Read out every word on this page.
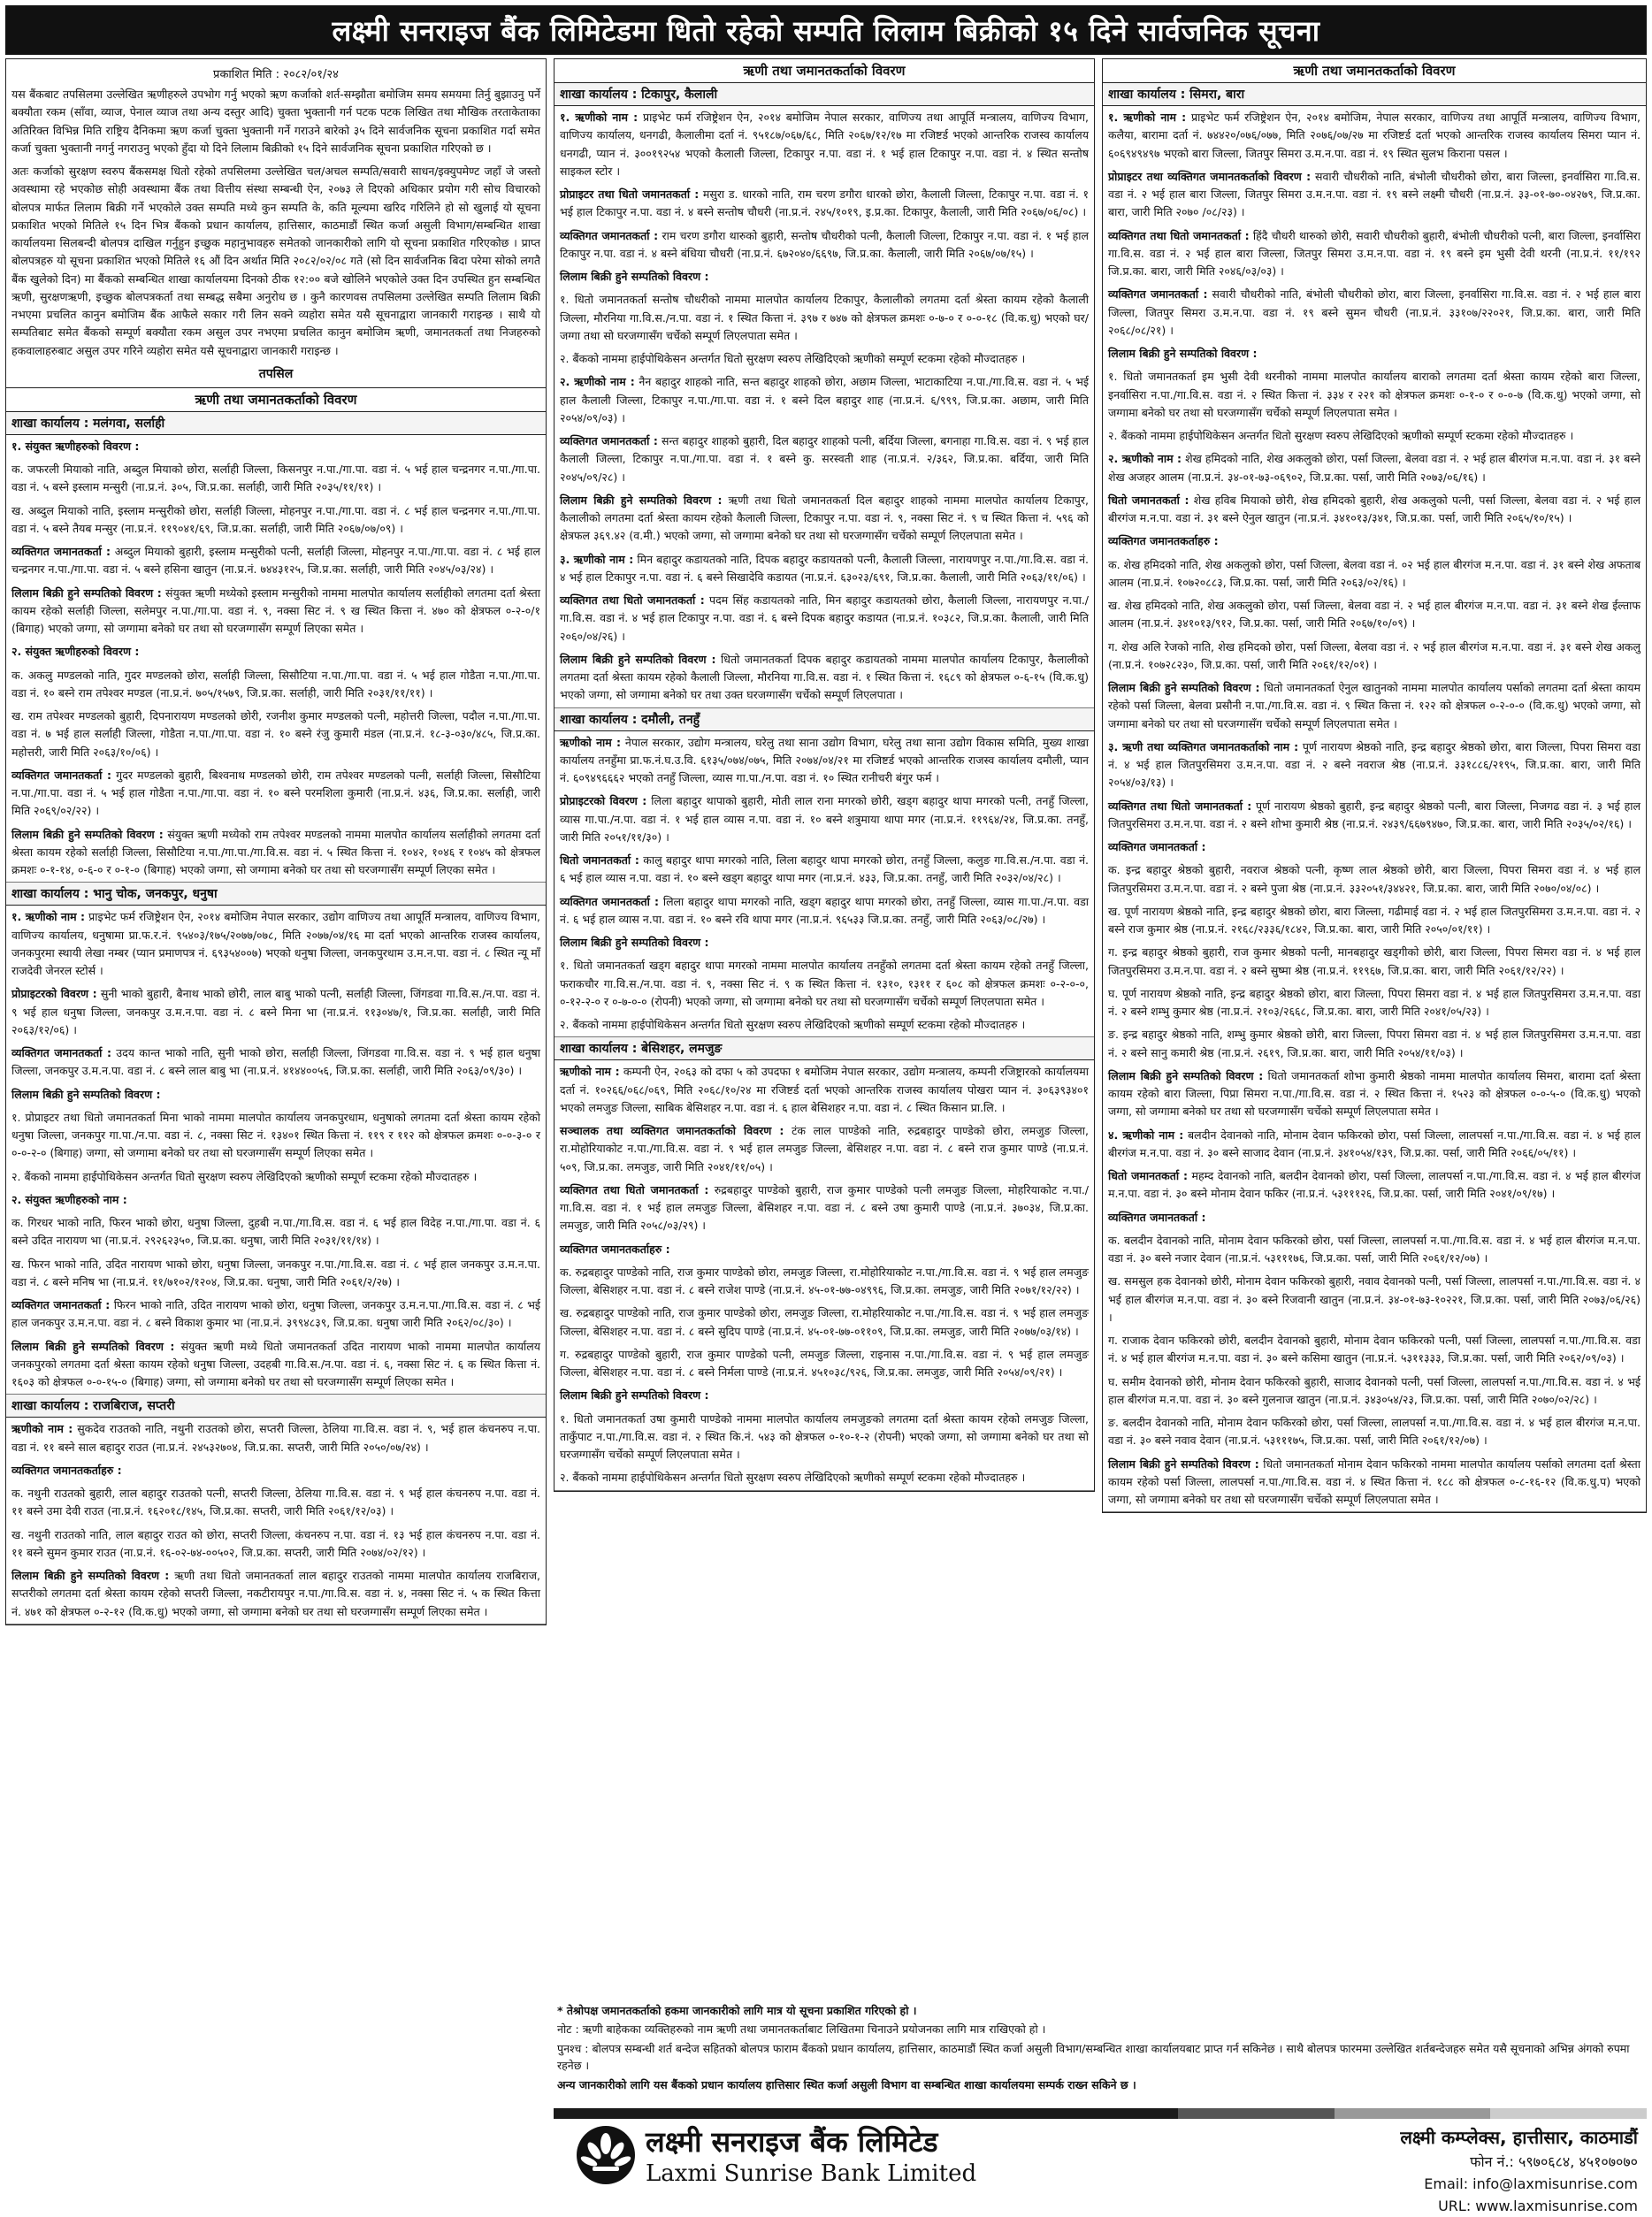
लक्ष्मी सनराइज बैंक लिमिटेडमा धितो रहेको सम्पति लिलाम बिक्रीको १५ दिने सार्वजनिक सूचना
प्रकाशित मिति : २०८२/०१/२४
यस बैंकबाट तपसिलमा उल्लेखित ऋणीहरुले उपभोग गर्नु भएको ऋण कर्जाको शर्त-सम्झौता बमोजिम समय समयमा तिर्नु बुझाउनु पर्ने बक्यौता रकम (साँवा, व्याज, पेनाल व्याज तथा अन्य दस्तुर आदि) चुक्ता भुक्तानी गर्न पटक पटक लिखित तथा मौखिक तरताकेताका अतिरिक्त विभिन्न मिति राष्ट्रिय दैनिकमा ऋण कर्जा चुक्ता भुक्तानी गर्ने गराउने बारेको ३५ दिने सार्वजनिक सूचना प्रकाशित गर्दा समेत कर्जा चुक्ता भुक्तानी नगर्नु नगराउनु भएको हुँदा यो दिने लिलाम बिक्रीको १५ दिने सार्वजनिक सूचना प्रकाशित गरिएको छ ।
अतः कर्जाको सुरक्षण स्वरुप बैंकसमक्ष धितो रहेको तपसिलमा उल्लेखित चल/अचल सम्पति/सवारी साधन/इक्युपमेण्ट जहाँ जे जस्तो अवस्थामा रहे भएकोछ सोही अवस्थामा बैंक तथा वित्तीय संस्था सम्बन्धी ऐन, २०७३ ले दिएको अधिकार प्रयोग गरी सोच विचारको बोलपत्र मार्फत लिलाम बिक्री गर्ने भएकोले उक्त सम्पति मध्ये कुन सम्पति के, कति मूल्यमा खरिद गरिलिने हो सो खुलाई यो सूचना प्रकाशित भएको मितिले १५ दिन भित्र बैंकको प्रधान कार्यालय, हात्तिसार, काठमाडौं स्थित कर्जा असुली विभाग/सम्बन्धित शाखा कार्यालयमा सिलबन्दी बोलपत्र दाखिल गर्नुहुन इच्छुक महानुभावहरु समेतको जानकारीको लागि यो सूचना प्रकाशित गरिएकोछ । प्राप्त बोलपत्रहरु यो सूचना प्रकाशित भएको मितिले १६ औं दिन अर्थात मिति २०८२/०२/०८ गते (सो दिन सार्वजनिक बिदा परेमा सोको लगतै बैंक खुलेको दिन) मा बैंकको सम्बन्धित शाखा कार्यालयमा दिनको ठीक १२:०० बजे खोलिने भएकोले उक्त दिन उपस्थित हुन सम्बन्धित ऋणी, सुरक्षणऋणी, इच्छुक बोलपत्रकर्ता तथा सम्बद्ध सबैमा अनुरोध छ । कुनै कारणवस तपसिलमा उल्लेखित सम्पति लिलाम बिक्री नभएमा प्रचलित कानुन बमोजिम बैंक आफैले सकार गरी लिन सक्ने व्यहोरा समेत यसै सूचनाद्वारा जानकारी गराइन्छ । साथै यो सम्पतिबाट समेत बैंकको सम्पूर्ण बक्यौता रकम असुल उपर नभएमा प्रचलित कानुन बमोजिम ऋणी, जमानतकर्ता तथा निजहरुको हकवालाहरुबाट असुल उपर गरिने व्यहोरा समेत यसै सूचनाद्वारा जानकारी गराइन्छ ।
तपसिल
ऋणी तथा जमानतकर्ताको विवरण
शाखा कार्यालय : मलंगवा, सर्लाही
१. संयुक्त ऋणीहरुको विवरण :
क. जफरली मियाको नाति, अब्दुल मियाको छोरा, सर्लाही जिल्ला, किसनपुर न.पा./गा.पा. वडा नं. ५ भई हाल चन्द्रनगर न.पा./गा.पा. वडा नं. ५ बस्ने इस्लाम मन्सुरी (ना.प्र.नं. ३०५, जि.प्र.का. सर्लाही, जारी मिति २०३५/११/११) ।
ख. अब्दुल मियाको नाति, इस्लाम मन्सुरीको छोरा, सर्लाही जिल्ला, मोहनपुर न.पा./गा.पा. वडा नं. ८ भई हाल चन्द्रनगर न.पा./गा.पा. वडा नं. ५ बस्ने तैयब मन्सुर (ना.प्र.नं. ११९०४१/६९, जि.प्र.का. सर्लाही, जारी मिति २०६७/०७/०९) ।
व्यक्तिगत जमानतकर्ता : अब्दुल मियाको बुहारी, इस्लाम मन्सुरीको पत्नी, सर्लाही जिल्ला, मोहनपुर न.पा./गा.पा. वडा नं. ८ भई हाल चन्द्रनगर न.पा./गा.पा. वडा नं. ५ बस्ने हसिना खातुन (ना.प्र.नं. ७४४३१२५, जि.प्र.का. सर्लाही, जारी मिति २०४५/०३/२४) ।
लिलाम बिक्री हुने सम्पतिको विवरण : संयुक्त ऋणी मध्येको इस्लाम मन्सुरीको नाममा मालपोत कार्यालय सर्लाहीको लगतमा दर्ता श्रेस्ता कायम रहेको सर्लाही जिल्ला, सलेमपुर न.पा./गा.पा. वडा नं. ९, नक्सा सिट नं. ९ ख स्थित कित्ता नं. ४७० को क्षेत्रफल ०-२-०/१ (बिगाह) भएको जग्गा, सो जग्गामा बनेको घर तथा सो घरजग्गासँग सम्पूर्ण लिएका समेत ।
२. संयुक्त ऋणीहरुको विवरण :
क. अकलु मण्डलको नाति, गुदर मण्डलको छोरा, सर्लाही जिल्ला, सिसौटिया न.पा./गा.पा. वडा नं. ५ भई हाल गोडैता न.पा./गा.पा. वडा नं. १० बस्ने राम तपेश्वर मण्डल (ना.प्र.नं. ७०५/१५७९, जि.प्र.का. सर्लाही, जारी मिति २०३१/११/११) ।
ख. राम तपेश्वर मण्डलको बुहारी, दिपनारायण मण्डलको छोरी, रजनीश कुमार मण्डलको पत्नी, महोत्तरी जिल्ला, पदौल न.पा./गा.पा. वडा नं. ७ भई हाल सर्लाही जिल्ला, गोडैता न.पा./गा.पा. वडा नं. १० बस्ने रंजु कुमारी मंडल (ना.प्र.नं. १८-३-०३०/४८५, जि.प्र.का. महोत्तरी, जारी मिति २०६३/१०/०६) ।
व्यक्तिगत जमानतकर्ता : गुदर मण्डलको बुहारी, बिश्वनाथ मण्डलको छोरी, राम तपेश्वर मण्डलको पत्नी, सर्लाही जिल्ला, सिसौटिया न.पा./गा.पा. वडा नं. ५ भई हाल गोडैता न.पा./गा.पा. वडा नं. १० बस्ने परमशिला कुमारी (ना.प्र.नं. ४३६, जि.प्र.का. सर्लाही, जारी मिति २०६९/०२/२२) ।
लिलाम बिक्री हुने सम्पतिको विवरण : संयुक्त ऋणी मध्येको राम तपेश्वर मण्डलको नाममा मालपोत कार्यालय सर्लाहीको लगतमा दर्ता श्रेस्ता कायम रहेको सर्लाही जिल्ला, सिसौटिया न.पा./गा.पा./गा.वि.स. वडा नं. ५ स्थित कित्ता नं. १०४२, १०४६ र १०४५ को क्षेत्रफल क्रमशः ०-१-१४, ०-६-० र ०-१-० (बिगाह) भएको जग्गा, सो जग्गामा बनेको घर तथा सो घरजग्गासँग सम्पूर्ण लिएका समेत ।
शाखा कार्यालय : भानु चोक, जनकपुर, धनुषा
१. ऋणीको नाम : प्राइभेट फर्म रजिष्ट्रेशन ऐन, २०१४ बमोजिम नेपाल सरकार, उद्योग वाणिज्य तथा आपूर्ति मन्त्रालय, वाणिज्य विभाग, वाणिज्य कार्यालय, धनुषामा प्रा.फ.र.नं. ९५४०३/१७५/२०७७/०७८, मिति २०७७/०४/१६ मा दर्ता भएको आन्तरिक राजस्व कार्यालय, जनकपुरमा स्थायी लेखा नम्बर (प्यान प्रमाणपत्र नं. ६९३५४००७) भएको धनुषा जिल्ला, जनकपुरधाम उ.म.न.पा. वडा नं. ८ स्थित न्यू माँ राजदेवी जेनरल स्टोर्स ।
प्रोप्राइटरको विवरण : सुनी भाको बुहारी, बैनाथ भाको छोरी, लाल बाबु भाको पत्नी, सर्लाही जिल्ला, जिंगडवा गा.वि.स./न.पा. वडा नं. ९ भई हाल धनुषा जिल्ला, जनकपुर उ.म.न.पा. वडा नं. ८ बस्ने मिना भा (ना.प्र.नं. ११३०४७/१, जि.प्र.का. सर्लाही, जारी मिति २०६३/१२/०६) ।
व्यक्तिगत जमानतकर्ता : उदय कान्त भाको नाति, सुनी भाको छोरा, सर्लाही जिल्ला, जिंगडवा गा.वि.स. वडा नं. ९ भई हाल धनुषा जिल्ला, जनकपुर उ.म.न.पा. वडा नं. ८ बस्ने लाल बाबु भा (ना.प्र.नं. ४१४४००५६, जि.प्र.का. सर्लाही, जारी मिति २०६३/०९/३०) ।
लिलाम बिक्री हुने सम्पतिको विवरण :
१. प्रोप्राइटर तथा धितो जमानतकर्ता मिना भाको नाममा मालपोत कार्यालय जनकपुरधाम, धनुषाको लगतमा दर्ता श्रेस्ता कायम रहेको धनुषा जिल्ला, जनकपुर गा.पा./न.पा. वडा नं. ८, नक्सा सिट नं. १३४०१ स्थित कित्ता नं. ११९ र ११२ को क्षेत्रफल क्रमशः ०-०-३-० र ०-०-२-० (बिगाह) जग्गा, सो जग्गामा बनेको घर तथा सो घरजग्गासँग सम्पूर्ण लिएका समेत ।
२. बैंकको नाममा हाईपोथिकेसन अन्तर्गत धितो सुरक्षण स्वरुप लेखिदिएको ऋणीको सम्पूर्ण स्टकमा रहेको मौज्दातहरु ।
२. संयुक्त ऋणीहरुको नाम :
क. गिरधर भाको नाति, फिरन भाको छोरा, धनुषा जिल्ला, दुहबी न.पा./गा.वि.स. वडा नं. ६ भई हाल विदेह न.पा./गा.पा. वडा नं. ६ बस्ने उदित नारायण भा (ना.प्र.नं. २९२६२३५०, जि.प्र.का. धनुषा, जारी मिति २०३१/११/१४) ।
ख. फिरन भाको नाति, उदित नारायण भाको छोरा, धनुषा जिल्ला, जनकपुर न.पा./गा.वि.स. वडा नं. ८ भई हाल जनकपुर उ.म.न.पा. वडा नं. ८ बस्ने मनिष भा (ना.प्र.नं. ११/७१०२/१२०४, जि.प्र.का. धनुषा, जारी मिति २०६१/२/२७) ।
व्यक्तिगत जमानतकर्ता : फिरन भाको नाति, उदित नारायण भाको छोरा, धनुषा जिल्ला, जनकपुर उ.म.न.पा./गा.वि.स. वडा नं. ८ भई हाल जनकपुर उ.म.न.पा. वडा नं. ८ बस्ने विकाश कुमार भा (ना.प्र.नं. ३९९४८३९, जि.प्र.का. धनुषा जारी मिति २०६२/०८/३०) ।
लिलाम बिक्री हुने सम्पतिको विवरण : संयुक्त ऋणी मध्ये धितो जमानतकर्ता उदित नारायण भाको नाममा मालपोत कार्यालय जनकपुरको लगतमा दर्ता श्रेस्ता कायम रहेको धनुषा जिल्ला, उदहबी गा.वि.स./न.पा. वडा नं. ६, नक्सा सिट नं. ६ क स्थित कित्ता नं. १६०३ को क्षेत्रफल ०-०-१५-० (बिगाह) जग्गा, सो जग्गामा बनेको घर तथा सो घरजग्गासँग सम्पूर्ण लिएका समेत ।
शाखा कार्यालय : राजबिराज, सप्तरी
ऋणीको नाम : सुकदेव राउतको नाति, नथुनी राउतको छोरा, सप्तरी जिल्ला, ठेलिया गा.वि.स. वडा नं. ९, भई हाल कंचनरुप न.पा. वडा नं. ११ बस्ने साल बहादुर राउत (ना.प्र.नं. २४५३२७०४, जि.प्र.का. सप्तरी, जारी मिति २०५०/०७/२४) ।
व्यक्तिगत जमानतकर्ताहरु :
क. नथुनी राउतको बुहारी, लाल बहादुर राउतको पत्नी, सप्तरी जिल्ला, ठेलिया गा.वि.स. वडा नं. ९ भई हाल कंचनरुप न.पा. वडा नं. ११ बस्ने उमा देवी राउत (ना.प्र.नं. १६२०१८/१४५, जि.प्र.का. सप्तरी, जारी मिति २०६१/१२/०३) ।
ख. नथुनी राउतको नाति, लाल बहादुर राउत को छोरा, सप्तरी जिल्ला, कंचनरुप न.पा. वडा नं. १३ भई हाल कंचनरुप न.पा. वडा नं. ११ बस्ने सुमन कुमार राउत (ना.प्र.नं. १६-०२-७४-००५०२, जि.प्र.का. सप्तरी, जारी मिति २०७४/०२/१२) ।
लिलाम बिक्री हुने सम्पतिको विवरण : ऋणी तथा धितो जमानतकर्ता लाल बहादुर राउतको नाममा मालपोत कार्यालय राजबिराज, सप्तरीको लगतमा दर्ता श्रेस्ता कायम रहेको सप्तरी जिल्ला, नकटीरायपुर न.पा./गा.वि.स. वडा नं. ४, नक्सा सिट नं. ५ क स्थित कित्ता नं. ४७१ को क्षेत्रफल ०-२-१२ (वि.क.धु) भएको जग्गा, सो जग्गामा बनेको घर तथा सो घरजग्गासँग सम्पूर्ण लिएका समेत ।
ऋणी तथा जमानतकर्ताको विवरण
शाखा कार्यालय : टिकापुर, कैलाली
१. ऋणीको नाम : प्राइभेट फर्म रजिष्ट्रेशन ऐन, २०१४ बमोजिम नेपाल सरकार, वाणिज्य तथा आपूर्ति मन्त्रालय, वाणिज्य विभाग, वाणिज्य कार्यालय, धनगढी, कैलालीमा दर्ता नं. ९५१८७/०६७/६८, मिति २०६७/१२/१७ मा रजिष्टर्ड भएको आन्तरिक राजस्व कार्यालय धनगढी, प्यान नं. ३००१९२५४ भएको कैलाली जिल्ला, टिकापुर न.पा. वडा नं. १ भई हाल टिकापुर न.पा. वडा नं. ४ स्थित सन्तोष साइकल स्टोर ।
प्रोप्राइटर तथा धितो जमानतकर्ता : मसुरा ड. धारको नाति, राम चरण डगौरा धारको छोरा, कैलाली जिल्ला, टिकापुर न.पा. वडा नं. १ भई हाल टिकापुर न.पा. वडा नं. ४ बस्ने सन्तोष चौधरी (ना.प्र.नं. २४५/१०१९, इ.प्र.का. टिकापुर, कैलाली, जारी मिति २०६७/०६/०८) ।
व्यक्तिगत जमानतकर्ता : राम चरण डगौरा थारुको बुहारी, सन्तोष चौधरीको पत्नी, कैलाली जिल्ला, टिकापुर न.पा. वडा नं. १ भई हाल टिकापुर न.पा. वडा नं. ४ बस्ने बंधिया चौधरी (ना.प्र.नं. ६७२०४०/६६९७, जि.प्र.का. कैलाली, जारी मिति २०६७/०७/१५) ।
लिलाम बिक्री हुने सम्पतिको विवरण :
१. धितो जमानतकर्ता सन्तोष चौधरीको नाममा मालपोत कार्यालय टिकापुर, कैलालीको लगतमा दर्ता श्रेस्ता कायम रहेको कैलाली जिल्ला, मौरनिया गा.वि.स./न.पा. वडा नं. १ स्थित कित्ता नं. ३९७ र ७४७ को क्षेत्रफल क्रमशः ०-७-० र ०-०-१८ (वि.क.धु) भएको घर/जग्गा तथा सो घरजग्गासँग चर्चेको सम्पूर्ण लिएलपाता समेत ।
२. बैंकको नाममा हाईपोथिकेसन अन्तर्गत धितो सुरक्षण स्वरुप लेखिदिएको ऋणीको सम्पूर्ण स्टकमा रहेको मौज्दातहरु ।
२. ऋणीको नाम : नैन बहादुर शाहको नाति, सन्त बहादुर शाहको छोरा, अछाम जिल्ला, भाटाकाटिया न.पा./गा.वि.स. वडा नं. ५ भई हाल कैलाली जिल्ला, टिकापुर न.पा./गा.पा. वडा नं. १ बस्ने दिल बहादुर शाह (ना.प्र.नं. ६/९९९, जि.प्र.का. अछाम, जारी मिति २०५४/०९/०३) ।
व्यक्तिगत जमानतकर्ता : सन्त बहादुर शाहको बुहारी, दिल बहादुर शाहको पत्नी, बर्दिया जिल्ला, बगनाहा गा.वि.स. वडा नं. ९ भई हाल कैलाली जिल्ला, टिकापुर न.पा./गा.पा. वडा नं. १ बस्ने कु. सरस्वती शाह (ना.प्र.नं. २/३६२, जि.प्र.का. बर्दिया, जारी मिति २०४५/०९/२८) ।
लिलाम बिक्री हुने सम्पतिको विवरण : ऋणी तथा धितो जमानतकर्ता दिल बहादुर शाहको नाममा मालपोत कार्यालय टिकापुर, कैलालीको लगतमा दर्ता श्रेस्ता कायम रहेको कैलाली जिल्ला, टिकापुर न.पा. वडा नं. ९, नक्सा सिट नं. ९ च स्थित कित्ता नं. ५९६ को क्षेत्रफल ३६९.४२ (व.मी.) भएको जग्गा, सो जग्गामा बनेको घर तथा सो घरजग्गासँग चर्चेको सम्पूर्ण लिएलपाता समेत ।
३. ऋणीको नाम : मिन बहादुर कडायतको नाति, दिपक बहादुर कडायतको पत्नी, कैलाली जिल्ला, नारायणपुर न.पा./गा.वि.स. वडा नं. ४ भई हाल टिकापुर न.पा. वडा नं. ६ बस्ने सिखादेवि कडायत (ना.प्र.नं. ६३०२३/६९१, जि.प्र.का. कैलाली, जारी मिति २०६३/११/०६) ।
व्यक्तिगत तथा धितो जमानतकर्ता : पदम सिंह कडायतको नाति, मिन बहादुर कडायतको छोरा, कैलाली जिल्ला, नारायणपुर न.पा./गा.वि.स. वडा नं. ४ भई हाल टिकापुर न.पा. वडा नं. ६ बस्ने दिपक बहादुर कडायत (ना.प्र.नं. १०३८२, जि.प्र.का. कैलाली, जारी मिति २०६०/०४/२६) ।
लिलाम बिक्री हुने सम्पतिको विवरण : धितो जमानतकर्ता दिपक बहादुर कडायतको नाममा मालपोत कार्यालय टिकापुर, कैलालीको लगतमा दर्ता श्रेस्ता कायम रहेको कैलाली जिल्ला, मौरनिया गा.वि.स. वडा नं. १ स्थित कित्ता नं. १६८९ को क्षेत्रफल ०-६-१५ (वि.क.धु) भएको जग्गा, सो जग्गामा बनेको घर तथा उक्त घरजग्गासँग चर्चेको सम्पूर्ण लिएलपाता ।
शाखा कार्यालय : दमौली, तनहुँ
ऋणीको नाम : नेपाल सरकार, उद्योग मन्त्रालय, घरेलु तथा साना उद्योग विभाग, घरेलु तथा साना उद्योग विकास समिति, मुख्य शाखा कार्यालय तनहुँमा प्रा.फ.नं.घ.उ.वि. ६१३५/०७४/०७५, मिति २०७४/०४/२१ मा रजिष्टर्ड भएको आन्तरिक राजस्व कार्यालय दमौली, प्यान नं. ६०९४९६६६२ भएको तनहुँ जिल्ला, व्यास गा.पा./न.पा. वडा नं. १० स्थित रानीचरी बंगुर फर्म ।
प्रोप्राइटरको विवरण : लिला बहादुर थापाको बुहारी, मोती लाल राना मगरको छोरी, खड्ग बहादुर थापा मगरको पत्नी, तनहुँ जिल्ला, व्यास गा.पा./न.पा. वडा नं. १ भई हाल व्यास न.पा. वडा नं. १० बस्ने शत्रुमाया थापा मगर (ना.प्र.नं. ११९६४/२४, जि.प्र.का. तनहुँ, जारी मिति २०५१/११/३०) ।
धितो जमानतकर्ता : कालु बहादुर थापा मगरको नाति, लिला बहादुर थापा मगरको छोरा, तनहुँ जिल्ला, कलुङ गा.वि.स./न.पा. वडा नं. ६ भई हाल व्यास न.पा. वडा नं. १० बस्ने खड्ग बहादुर थापा मगर (ना.प्र.नं. ४३३, जि.प्र.का. तनहुँ, जारी मिति २०३२/०४/२८) ।
व्यक्तिगत जमानतकर्ता : लिला बहादुर थापा मगरको नाति, खड्ग बहादुर थापा मगरको छोरा, तनहुँ जिल्ला, व्यास गा.पा./न.पा. वडा नं. ६ भई हाल व्यास न.पा. वडा नं. १० बस्ने रवि थापा मगर (ना.प्र.नं. ९६५३३ जि.प्र.का. तनहुँ, जारी मिति २०६३/०८/२७) ।
लिलाम बिक्री हुने सम्पतिको विवरण :
१. धितो जमानतकर्ता खड्ग बहादुर थापा मगरको नाममा मालपोत कार्यालय तनहुँको लगतमा दर्ता श्रेस्ता कायम रहेको तनहुँ जिल्ला, फराकचौर गा.वि.स./न.पा. वडा नं. ९, नक्सा सिट नं. ९ क स्थित कित्ता नं. १३१०, १३११ र ६०८ को क्षेत्रफल क्रमशः ०-२-०-०, ०-१२-२-० र ०-७-०-० (रोपनी) भएको जग्गा, सो जग्गामा बनेको घर तथा सो घरजग्गासँग चर्चेको सम्पूर्ण लिएलपाता समेत ।
२. बैंकको नाममा हाईपोथिकेसन अन्तर्गत धितो सुरक्षण स्वरुप लेखिदिएको ऋणीको सम्पूर्ण स्टकमा रहेको मौज्दातहरु ।
शाखा कार्यालय : बेसिशहर, लमजुङ
ऋणीको नाम : कम्पनी ऐन, २०६३ को दफा ५ को उपदफा १ बमोजिम नेपाल सरकार, उद्योग मन्त्रालय, कम्पनी रजिष्ट्रारको कार्यालयमा दर्ता नं. १०२६६/०६८/०६९, मिति २०६८/१०/२४ मा रजिष्टर्ड दर्ता भएको आन्तरिक राजस्व कार्यालय पोखरा प्यान नं. ३०६३९३४०१ भएको लमजुङ जिल्ला, साबिक बेसिशहर न.पा. वडा नं. ६ हाल बेसिशहर न.पा. वडा नं. ८ स्थित किसान प्रा.लि. ।
सञ्चालक तथा व्यक्तिगत जमानतकर्ताको विवरण : टंक लाल पाण्डेको नाति, रुद्रबहादुर पाण्डेको छोरा, लमजुङ जिल्ला, रा.मोहोरियाकोट न.पा./गा.वि.स. वडा नं. ९ भई हाल लमजुङ जिल्ला, बेसिशहर न.पा. वडा नं. ८ बस्ने राज कुमार पाण्डे (ना.प्र.नं. ५०९, जि.प्र.का. लमजुङ, जारी मिति २०४१/११/०५) ।
व्यक्तिगत तथा धितो जमानतकर्ता : रुद्रबहादुर पाण्डेको बुहारी, राज कुमार पाण्डेको पत्नी लमजुङ जिल्ला, मोहरियाकोट न.पा./गा.वि.स. वडा नं. १ भई हाल लमजुङ जिल्ला, बेसिशहर न.पा. वडा नं. ८ बस्ने उषा कुमारी पाण्डे (ना.प्र.नं. ३७०३४, जि.प्र.का. लमजुङ, जारी मिति २०५८/०३/२९) ।
व्यक्तिगत जमानतकर्ताहरु :
क. रुद्रबहादुर पाण्डेको नाति, राज कुमार पाण्डेको छोरा, लमजुङ जिल्ला, रा.मोहोरियाकोट न.पा./गा.वि.स. वडा नं. ९ भई हाल लमजुङ जिल्ला, बेसिशहर न.पा. वडा नं. ८ बस्ने राजेश पाण्डे (ना.प्र.नं. ४५-०१-७७-०४९९६, जि.प्र.का. लमजुङ, जारी मिति २०७१/१२/२२) ।
ख. रुद्रबहादुर पाण्डेको नाति, राज कुमार पाण्डेको छोरा, लमजुङ जिल्ला, रा.मोहरियाकोट न.पा./गा.वि.स. वडा नं. ९ भई हाल लमजुङ जिल्ला, बेसिशहर न.पा. वडा नं. ८ बस्ने सुदिप पाण्डे (ना.प्र.नं. ४५-०१-७७-०११०९, जि.प्र.का. लमजुङ, जारी मिति २०७७/०३/१४) ।
ग. रुद्रबहादुर पाण्डेको बुहारी, राज कुमार पाण्डेको पत्नी, लमजुङ जिल्ला, राइनास न.पा./गा.वि.स. वडा नं. ९ भई हाल लमजुङ जिल्ला, बेसिशहर न.पा. वडा नं. ८ बस्ने निर्मला पाण्डे (ना.प्र.नं. ४५१०३८/९२६, जि.प्र.का. लमजुङ, जारी मिति २०५४/०९/२१) ।
लिलाम बिक्री हुने सम्पतिको विवरण :
१. धितो जमानतकर्ता उषा कुमारी पाण्डेको नाममा मालपोत कार्यालय लमजुङको लगतमा दर्ता श्रेस्ता कायम रहेको लमजुङ जिल्ला, ताकुँपाट न.पा./गा.वि.स. वडा नं. २ स्थित कि.नं. ५४३ को क्षेत्रफल ०-१०-१-२ (रोपनी) भएको जग्गा, सो जग्गामा बनेको घर तथा सो घरजग्गासँग चर्चेको सम्पूर्ण लिएलपाता समेत ।
२. बैंकको नाममा हाईपोथिकेसन अन्तर्गत धितो सुरक्षण स्वरुप लेखिदिएको ऋणीको सम्पूर्ण स्टकमा रहेको मौज्दातहरु ।
ऋणी तथा जमानतकर्ताको विवरण
शाखा कार्यालय : सिमरा, बारा
१. ऋणीको नाम : प्राइभेट फर्म रजिष्ट्रेशन ऐन, २०१४ बमोजिम, नेपाल सरकार, वाणिज्य तथा आपूर्ति मन्त्रालय, वाणिज्य विभाग, कलैया, बारामा दर्ता नं. ७४४२०/०७६/०७७, मिति २०७६/०७/२७ मा रजिष्टर्ड दर्ता भएको आन्तरिक राजस्व कार्यालय सिमरा प्यान नं. ६०६९४९४९७ भएको बारा जिल्ला, जितपुर सिमरा उ.म.न.पा. वडा नं. १९ स्थित सुलभ किराना पसल ।
प्रोप्राइटर तथा व्यक्तिगत जमानतकर्ताको विवरण : सवारी चौधरीको नाति, बंभोली चौधरीको छोरा, बारा जिल्ला, इनर्वासिरा गा.वि.स. वडा नं. २ भई हाल बारा जिल्ला, जितपुर सिमरा उ.म.न.पा. वडा नं. १९ बस्ने लक्ष्मी चौधरी (ना.प्र.नं. ३३-०१-७०-०४२७९, जि.प्र.का. बारा, जारी मिति २०७० /०८/२३) ।
व्यक्तिगत तथा धितो जमानतकर्ता : हिंदै चौधरी थारुको छोरी, सवारी चौधरीको बुहारी, बंभोली चौधरीको पत्नी, बारा जिल्ला, इनर्वासिरा गा.वि.स. वडा नं. २ भई हाल बारा जिल्ला, जितपुर सिमरा उ.म.न.पा. वडा नं. १९ बस्ने इम भुसी देवी थरनी (ना.प्र.नं. ११/१९२ जि.प्र.का. बारा, जारी मिति २०४६/०३/०३) ।
व्यक्तिगत जमानतकर्ता : सवारी चौधरीको नाति, बंभोली चौधरीको छोरा, बारा जिल्ला, इनर्वासिरा गा.वि.स. वडा नं. २ भई हाल बारा जिल्ला, जितपुर सिमरा उ.म.न.पा. वडा नं. १९ बस्ने सुमन चौधरी (ना.प्र.नं. ३३१०७/२२०२१, जि.प्र.का. बारा, जारी मिति २०६८/०८/२१) ।
लिलाम बिक्री हुने सम्पतिको विवरण :
१. धितो जमानतकर्ता इम भुसी देवी थरनीको नाममा मालपोत कार्यालय बाराको लगतमा दर्ता श्रेस्ता कायम रहेको बारा जिल्ला, इनर्वासिरा न.पा./गा.वि.स. वडा नं. २ स्थित कित्ता नं. ३३४ र २२१ को क्षेत्रफल क्रमशः ०-१-० र ०-०-७ (वि.क.धु) भएको जग्गा, सो जग्गामा बनेको घर तथा सो घरजग्गासँग चर्चेको सम्पूर्ण लिएलपाता समेत ।
२. बैंकको नाममा हाईपोथिकेसन अन्तर्गत धितो सुरक्षण स्वरुप लेखिदिएको ऋणीको सम्पूर्ण स्टकमा रहेको मौज्दातहरु ।
२. ऋणीको नाम : शेख हमिदको नाति, शेख अकलुको छोरा, पर्सा जिल्ला, बेलवा वडा नं. २ भई हाल बीरगंज म.न.पा. वडा नं. ३१ बस्ने शेख अजहर आलम (ना.प्र.नं. ३४-०१-७३-०६९०२, जि.प्र.का. पर्सा, जारी मिति २०७३/०६/१६) ।
धितो जमानतकर्ता : शेख हविब मियाको छोरी, शेख हमिदको बुहारी, शेख अकलुको पत्नी, पर्सा जिल्ला, बेलवा वडा नं. २ भई हाल बीरगंज म.न.पा. वडा नं. ३१ बस्ने ऐनुल खातुन (ना.प्र.नं. ३४१०१३/३४१, जि.प्र.का. पर्सा, जारी मिति २०६५/१०/१५) ।
व्यक्तिगत जमानतकर्ताहरु :
क. शेख हमिदको नाति, शेख अकलुको छोरा, पर्सा जिल्ला, बेलवा वडा नं. ०२ भई हाल बीरगंज म.न.पा. वडा नं. ३१ बस्ने शेख अफताब आलम (ना.प्र.नं. १०७२०८८३, जि.प्र.का. पर्सा, जारी मिति २०६३/०२/१६) ।
ख. शेख हमिदको नाति, शेख अकलुको छोरा, पर्सा जिल्ला, बेलवा वडा नं. २ भई हाल बीरगंज म.न.पा. वडा नं. ३१ बस्ने शेख ईल्ताफ आलम (ना.प्र.नं. ३४१०१३/९१२, जि.प्र.का. पर्सा, जारी मिति २०६७/१०/०९) ।
ग. शेख अलि रेजको नाति, शेख हमिदको छोरा, पर्सा जिल्ला, बेलवा वडा नं. २ भई हाल बीरगंज म.न.पा. वडा नं. ३१ बस्ने शेख अकलु (ना.प्र.नं. १०७२८२३०, जि.प्र.का. पर्सा, जारी मिति २०६१/१२/०१) ।
लिलाम बिक्री हुने सम्पतिको विवरण : धितो जमानतकर्ता ऐनुल खातुनको नाममा मालपोत कार्यालय पर्साको लगतमा दर्ता श्रेस्ता कायम रहेको पर्सा जिल्ला, बेलवा प्रसौनी न.पा./गा.वि.स. वडा नं. ९ स्थित कित्ता नं. १२२ को क्षेत्रफल ०-२-०-० (वि.क.धु) भएको जग्गा, सो जग्गामा बनेको घर तथा सो घरजग्गासँग चर्चेको सम्पूर्ण लिएलपाता समेत ।
३. ऋणी तथा व्यक्तिगत जमानतकर्ताको नाम : पूर्ण नारायण श्रेष्ठको नाति, इन्द्र बहादुर श्रेष्ठको छोरा, बारा जिल्ला, पिपरा सिमरा वडा नं. ४ भई हाल जितपुरसिमरा उ.म.न.पा. वडा नं. २ बस्ने नवराज श्रेष्ठ (ना.प्र.नं. ३३१८८६/२१९५, जि.प्र.का. बारा, जारी मिति २०५४/०३/१३) ।
व्यक्तिगत तथा धितो जमानतकर्ता : पूर्ण नारायण श्रेष्ठको बुहारी, इन्द्र बहादुर श्रेष्ठको पत्नी, बारा जिल्ला, निजगढ वडा नं. ३ भई हाल जितपुरसिमरा उ.म.न.पा. वडा नं. २ बस्ने शोभा कुमारी श्रेष्ठ (ना.प्र.नं. २४३९/६६७९४७०, जि.प्र.का. बारा, जारी मिति २०३५/०२/१६) ।
व्यक्तिगत जमानतकर्ता :
क. इन्द्र बहादुर श्रेष्ठको बुहारी, नवराज श्रेष्ठको पत्नी, कृष्ण लाल श्रेष्ठको छोरी, बारा जिल्ला, पिपरा सिमरा वडा नं. ४ भई हाल जितपुरसिमरा उ.म.न.पा. वडा नं. २ बस्ने पुजा श्रेष्ठ (ना.प्र.नं. ३३२०५१/३४४२१, जि.प्र.का. बारा, जारी मिति २०७०/०४/०८) ।
ख. पूर्ण नारायण श्रेष्ठको नाति, इन्द्र बहादुर श्रेष्ठको छोरा, बारा जिल्ला, गढीमाई वडा नं. २ भई हाल जितपुरसिमरा उ.म.न.पा. वडा नं. २ बस्ने राज कुमार श्रेष्ठ (ना.प्र.नं. २१६८/२३३६/१८४२, जि.प्र.का. बारा, जारी मिति २०५०/०१/११) ।
ग. इन्द्र बहादुर श्रेष्ठको बुहारी, राज कुमार श्रेष्ठको पत्नी, मानबहादुर खड्गीको छोरी, बारा जिल्ला, पिपरा सिमरा वडा नं. ४ भई हाल जितपुरसिमरा उ.म.न.पा. वडा नं. २ बस्ने सुष्मा श्रेष्ठ (ना.प्र.नं. ११९६७, जि.प्र.का. बारा, जारी मिति २०६१/१२/२२) ।
घ. पूर्ण नारायण श्रेष्ठको नाति, इन्द्र बहादुर श्रेष्ठको छोरा, बारा जिल्ला, पिपरा सिमरा वडा नं. ४ भई हाल जितपुरसिमरा उ.म.न.पा. वडा नं. २ बस्ने शम्भु कुमार श्रेष्ठ (ना.प्र.नं. २१०३/२६६८, जि.प्र.का. बारा, जारी मिति २०४१/०५/२३) ।
ङ. इन्द्र बहादुर श्रेष्ठको नाति, शम्भु कुमार श्रेष्ठको छोरी, बारा जिल्ला, पिपरा सिमरा वडा नं. ४ भई हाल जितपुरसिमरा उ.म.न.पा. वडा नं. २ बस्ने सानु कमारी श्रेष्ठ (ना.प्र.नं. २६१९, जि.प्र.का. बारा, जारी मिति २०५४/११/०३) ।
लिलाम बिक्री हुने सम्पतिको विवरण : धितो जमानतकर्ता शोभा कुमारी श्रेष्ठको नाममा मालपोत कार्यालय सिमरा, बारामा दर्ता श्रेस्ता कायम रहेको बारा जिल्ला, पिप्रा सिमरा न.पा./गा.वि.स. वडा नं. २ स्थित कित्ता नं. १५२३ को क्षेत्रफल ०-०-५-० (वि.क.धु) भएको जग्गा, सो जग्गामा बनेको घर तथा सो घरजग्गासँग चर्चेको सम्पूर्ण लिएलपाता समेत ।
४. ऋणीको नाम : बलदीन देवानको नाति, मोनाम देवान फकिरको छोरा, पर्सा जिल्ला, लालपर्सा न.पा./गा.वि.स. वडा नं. ४ भई हाल बीरगंज म.न.पा. वडा नं. ३० बस्ने साजाद देवान (ना.प्र.नं. ३४१०५४/१३९, जि.प्र.का. पर्सा, जारी मिति २०६६/०५/११) ।
धितो जमानतकर्ता : महम्द देवानको नाति, बलदीन देवानको छोरा, पर्सा जिल्ला, लालपर्सा न.पा./गा.वि.स. वडा नं. ४ भई हाल बीरगंज म.न.पा. वडा नं. ३० बस्ने मोनाम देवान फकिर (ना.प्र.नं. ५३१११२६, जि.प्र.का. पर्सा, जारी मिति २०४१/०९/१७) ।
व्यक्तिगत जमानतकर्ता :
क. बलदीन देवानको नाति, मोनाम देवान फकिरको छोरा, पर्सा जिल्ला, लालपर्सा न.पा./गा.वि.स. वडा नं. ४ भई हाल बीरगंज म.न.पा. वडा नं. ३० बस्ने नजार देवान (ना.प्र.नं. ५३१११७६, जि.प्र.का. पर्सा, जारी मिति २०६१/१२/०७) ।
ख. समसुल हक देवानको छोरी, मोनाम देवान फकिरको बुहारी, नवाव देवानको पत्नी, पर्सा जिल्ला, लालपर्सा न.पा./गा.वि.स. वडा नं. ४ भई हाल बीरगंज म.न.पा. वडा नं. ३० बस्ने रिजवानी खातुन (ना.प्र.नं. ३४-०१-७३-१०२२१, जि.प्र.का. पर्सा, जारी मिति २०७३/०६/२६) ।
ग. राजाक देवान फकिरको छोरी, बलदीन देवानको बुहारी, मोनाम देवान फकिरको पत्नी, पर्सा जिल्ला, लालपर्सा न.पा./गा.वि.स. वडा नं. ४ भई हाल बीरगंज म.न.पा. वडा नं. ३० बस्ने कसिमा खातुन (ना.प्र.नं. ५३११३३३, जि.प्र.का. पर्सा, जारी मिति २०६२/०९/०३) ।
घ. समीम देवानको छोरी, मोनाम देवान फकिरको बुहारी, साजाद देवानको पत्नी, पर्सा जिल्ला, लालपर्सा न.पा./गा.वि.स. वडा नं. ४ भई हाल बीरगंज म.न.पा. वडा नं. ३० बस्ने गुलनाज खातुन (ना.प्र.नं. ३४३०५४/२३, जि.प्र.का. पर्सा, जारी मिति २०७०/०२/२८) ।
ङ. बलदीन देवानको नाति, मोनाम देवान फकिरको छोरा, पर्सा जिल्ला, लालपर्सा न.पा./गा.वि.स. वडा नं. ४ भई हाल बीरगंज म.न.पा. वडा नं. ३० बस्ने नवाव देवान (ना.प्र.नं. ५३१११७५, जि.प्र.का. पर्सा, जारी मिति २०६१/१२/०७) ।
लिलाम बिक्री हुने सम्पतिको विवरण : धितो जमानतकर्ता मोनाम देवान फकिरको नाममा मालपोत कार्यालय पर्साको लगतमा दर्ता श्रेस्ता कायम रहेको पर्सा जिल्ला, लालपर्सा न.पा./गा.वि.स. वडा नं. ४ स्थित कित्ता नं. १८८ को क्षेत्रफल ०-८-१६-१२ (वि.क.धु.प) भएको जग्गा, सो जग्गामा बनेको घर तथा सो घरजग्गासँग चर्चेको सम्पूर्ण लिएलपाता समेत ।
* तेश्रोपक्ष जमानतकर्ताको हकमा जानकारीको लागि मात्र यो सूचना प्रकाशित गरिएको हो ।
नोट : ऋणी बाहेकका व्यक्तिहरुको नाम ऋणी तथा जमानतकर्ताबाट लिखितमा चिनाउने प्रयोजनका लागि मात्र राखिएको हो ।
पुनश्च : बोलपत्र सम्बन्धी शर्त बन्देज सहितको बोलपत्र फाराम बैंकको प्रधान कार्यालय, हात्तिसार, काठमाडौं स्थित कर्जा असुली विभाग/सम्बन्धित शाखा कार्यालयबाट प्राप्त गर्न सकिनेछ । साथै बोलपत्र फारममा उल्लेखित शर्तबन्देजहरु समेत यसै सूचनाको अभिन्न अंगको रुपमा रहनेछ ।
अन्य जानकारीको लागि यस बैंकको प्रधान कार्यालय हात्तिसार स्थित कर्जा असुली विभाग वा सम्बन्धित शाखा कार्यालयमा सम्पर्क राख्न सकिने छ ।
लक्ष्मी सनराइज बैंक लिमिटेड
Laxmi Sunrise Bank Limited
लक्ष्मी कम्प्लेक्स, हात्तीसार, काठमाडौं
फोन नं.: ५९७०६८४, ४५१०७०७०
Email: info@laxmisunrise.com
URL: www.laxmisunrise.com
